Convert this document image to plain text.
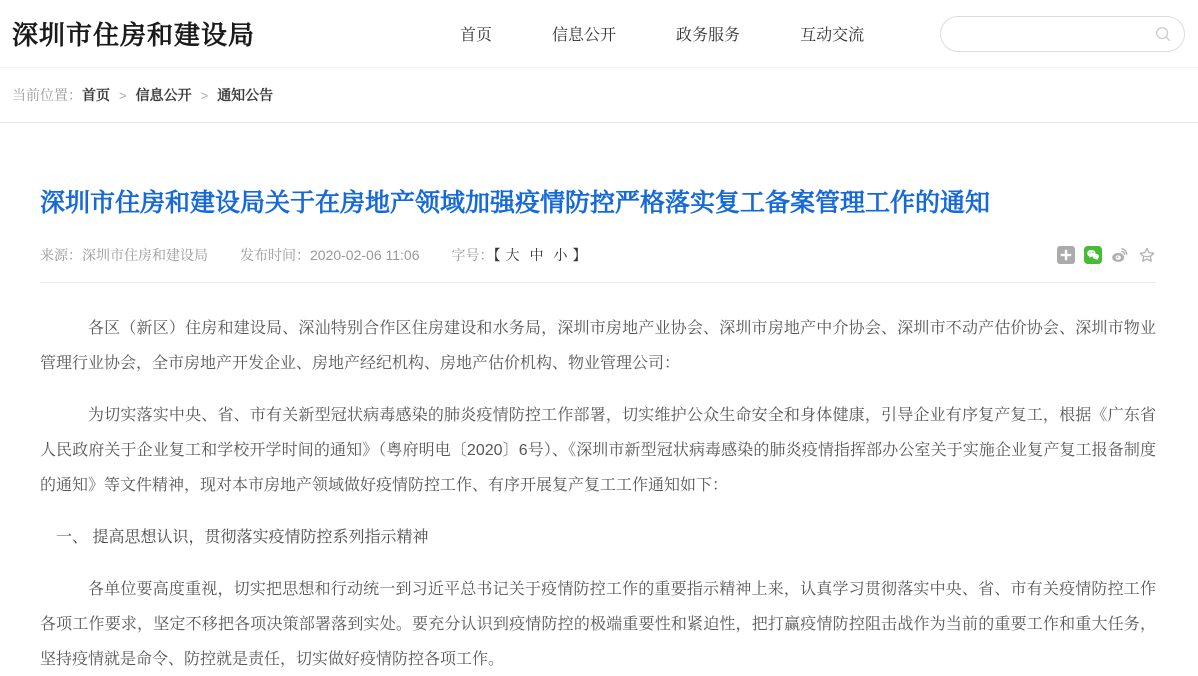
深圳市住房和建设局	首页	信息公开	政务服务	互动交流
当前位置： 首页 > 信息公开 > 通知公告
深圳市住房和建设局关于在房地产领域加强疫情防控严格落实复工备案管理工作的通知
来源：深圳市住房和建设局 发布时间：2020-02-06 11:06 字号：【 大 中 小 】

各区（新区）住房和建设局、深汕特别合作区住房建设和水务局，深圳市房地产业协会、深圳市房地产中介协会、深圳市不动产估价协会、深圳市物业管理行业协会，全市房地产开发企业、房地产经纪机构、房地产估价机构、物业管理公司：

为切实落实中央、省、市有关新型冠状病毒感染的肺炎疫情防控工作部署，切实维护公众生命安全和身体健康，引导企业有序复产复工，根据《广东省人民政府关于企业复工和学校开学时间的通知》（粤府明电〔2020〕6号）、《深圳市新型冠状病毒感染的肺炎疫情指挥部办公室关于实施企业复产复工报备制度的通知》等文件精神，现对本市房地产领域做好疫情防控工作、有序开展复产复工工作通知如下：

一、 提高思想认识，贯彻落实疫情防控系列指示精神

各单位要高度重视，切实把思想和行动统一到习近平总书记关于疫情防控工作的重要指示精神上来，认真学习贯彻落实中央、省、市有关疫情防控工作各项工作要求，坚定不移把各项决策部署落到实处。要充分认识到疫情防控的极端重要性和紧迫性，把打赢疫情防控阻击战作为当前的重要工作和重大任务，坚持疫情就是命令、防控就是责任，切实做好疫情防控各项工作。
